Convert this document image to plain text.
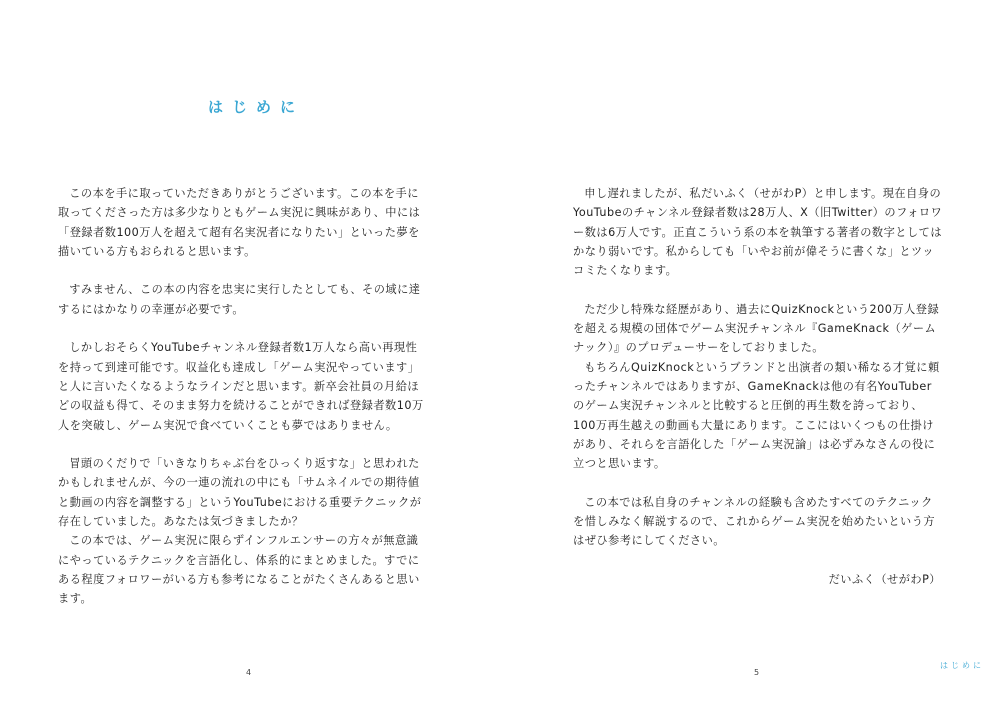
はじめに

この本を手に取っていただきありがとうございます。この本を手に取ってくださった方は多少なりともゲーム実況に興味があり、中には「登録者数100万人を超えて超有名実況者になりたい」といった夢を描いている方もおられると思います。

すみません、この本の内容を忠実に実行したとしても、その域に達するにはかなりの幸運が必要です。

しかしおそらくYouTubeチャンネル登録者数1万人なら高い再現性を持って到達可能です。収益化も達成し「ゲーム実況やっています」と人に言いたくなるようなラインだと思います。新卒会社員の月給ほどの収益も得て、そのまま努力を続けることができれば登録者数10万人を突破し、ゲーム実況で食べていくことも夢ではありません。

冒頭のくだりで「いきなりちゃぶ台をひっくり返すな」と思われたかもしれませんが、今の一連の流れの中にも「サムネイルでの期待値と動画の内容を調整する」というYouTubeにおける重要テクニックが存在していました。あなたは気づきましたか？

この本では、ゲーム実況に限らずインフルエンサーの方々が無意識にやっているテクニックを言語化し、体系的にまとめました。すでにある程度フォロワーがいる方も参考になることがたくさんあると思います。

4

申し遅れましたが、私だいふく（せがわP）と申します。現在自身のYouTubeのチャンネル登録者数は28万人、X（旧Twitter）のフォロワー数は6万人です。正直こういう系の本を執筆する著者の数字としてはかなり弱いです。私からしても「いやお前が偉そうに書くな」とツッコミたくなります。

ただ少し特殊な経歴があり、過去にQuizKnockという200万人登録を超える規模の団体でゲーム実況チャンネル『GameKnack（ゲームナック）』のプロデューサーをしておりました。

もちろんQuizKnockというブランドと出演者の類い稀なる才覚に頼ったチャンネルではありますが、GameKnackは他の有名YouTuberのゲーム実況チャンネルと比較すると圧倒的再生数を誇っており、100万再生越えの動画も大量にあります。ここにはいくつもの仕掛けがあり、それらを言語化した「ゲーム実況論」は必ずみなさんの役に立つと思います。

この本では私自身のチャンネルの経験も含めたすべてのテクニックを惜しみなく解説するので、これからゲーム実況を始めたいという方はぜひ参考にしてください。

だいふく（せがわP）

5
はじめに
